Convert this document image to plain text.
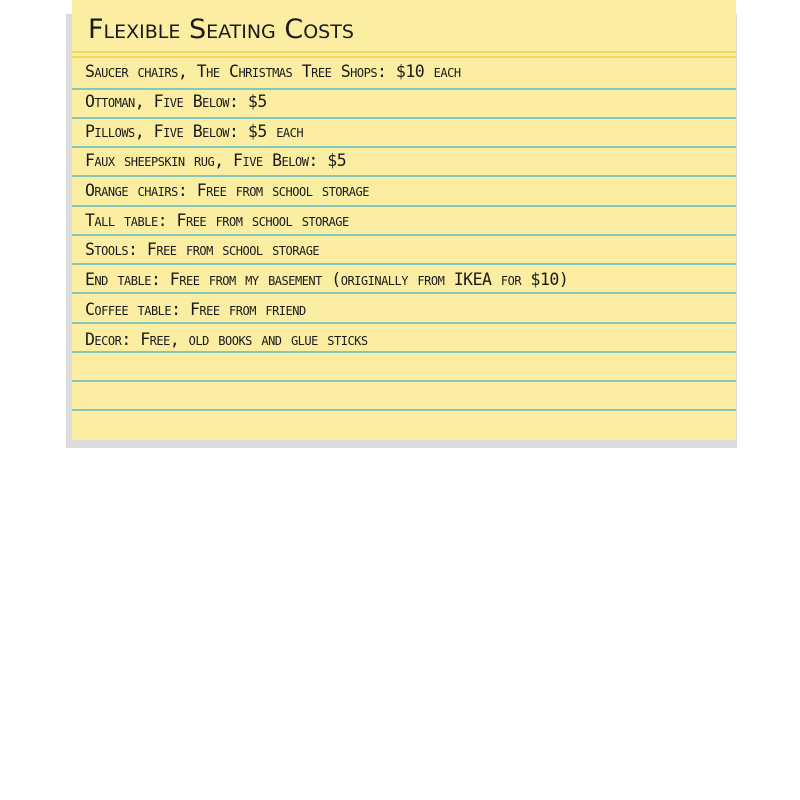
Flexible Seating Costs
Saucer chairs, The Christmas Tree Shops: $10 each
Ottoman, Five Below: $5
Pillows, Five Below: $5 each
Faux sheepskin rug, Five Below: $5
Orange chairs: Free from school storage
Tall table: Free from school storage
Stools: Free from school storage
End table: Free from my basement (originally from IKEA for $10)
Coffee table: Free from friend
Decor: Free, old books and glue sticks
